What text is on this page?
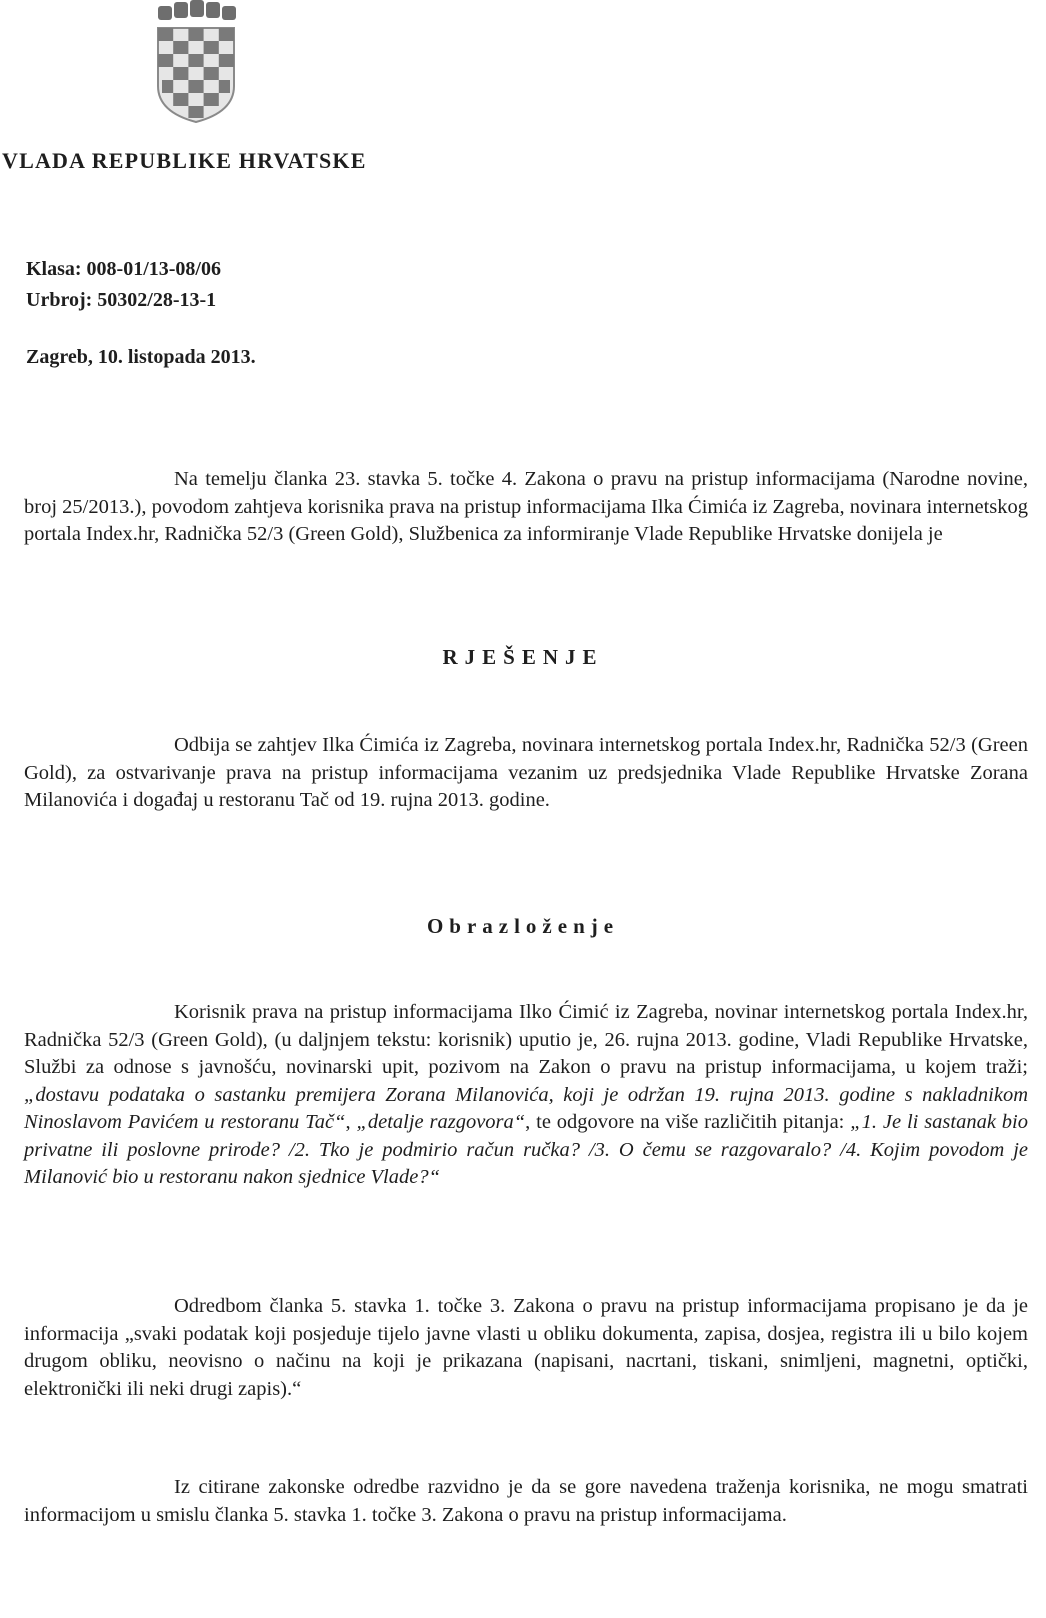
VLADA REPUBLIKE HRVATSKE
Klasa: 008-01/13-08/06
Urbroj: 50302/28-13-1
Zagreb, 10. listopada 2013.

Na temelju članka 23. stavka 5. točke 4. Zakona o pravu na pristup informacijama (Narodne novine, broj 25/2013.), povodom zahtjeva korisnika prava na pristup informacijama Ilka Ćimića iz Zagreba, novinara internetskog portala Index.hr, Radnička 52/3 (Green Gold), Službenica za informiranje Vlade Republike Hrvatske donijela je

RJEŠENJE

Odbija se zahtjev Ilka Ćimića iz Zagreba, novinara internetskog portala Index.hr, Radnička 52/3 (Green Gold), za ostvarivanje prava na pristup informacijama vezanim uz predsjednika Vlade Republike Hrvatske Zorana Milanovića i događaj u restoranu Tač od 19. rujna 2013. godine.

Obrazloženje

Korisnik prava na pristup informacijama Ilko Ćimić iz Zagreba, novinar internetskog portala Index.hr, Radnička 52/3 (Green Gold), (u daljnjem tekstu: korisnik) uputio je, 26. rujna 2013. godine, Vladi Republike Hrvatske, Službi za odnose s javnošću, novinarski upit, pozivom na Zakon o pravu na pristup informacijama, u kojem traži; „dostavu podataka o sastanku premijera Zorana Milanovića, koji je održan 19. rujna 2013. godine s nakladnikom Ninoslavom Pavićem u restoranu Tač“, „detalje razgovora“, te odgovore na više različitih pitanja: „1. Je li sastanak bio privatne ili poslovne prirode? /2. Tko je podmirio račun ručka? /3. O čemu se razgovaralo? /4. Kojim povodom je Milanović bio u restoranu nakon sjednice Vlade?“

Odredbom članka 5. stavka 1. točke 3. Zakona o pravu na pristup informacijama propisano je da je informacija „svaki podatak koji posjeduje tijelo javne vlasti u obliku dokumenta, zapisa, dosjea, registra ili u bilo kojem drugom obliku, neovisno o načinu na koji je prikazana (napisani, nacrtani, tiskani, snimljeni, magnetni, optički, elektronički ili neki drugi zapis).“

Iz citirane zakonske odredbe razvidno je da se gore navedena traženja korisnika, ne mogu smatrati informacijom u smislu članka 5. stavka 1. točke 3. Zakona o pravu na pristup informacijama.
